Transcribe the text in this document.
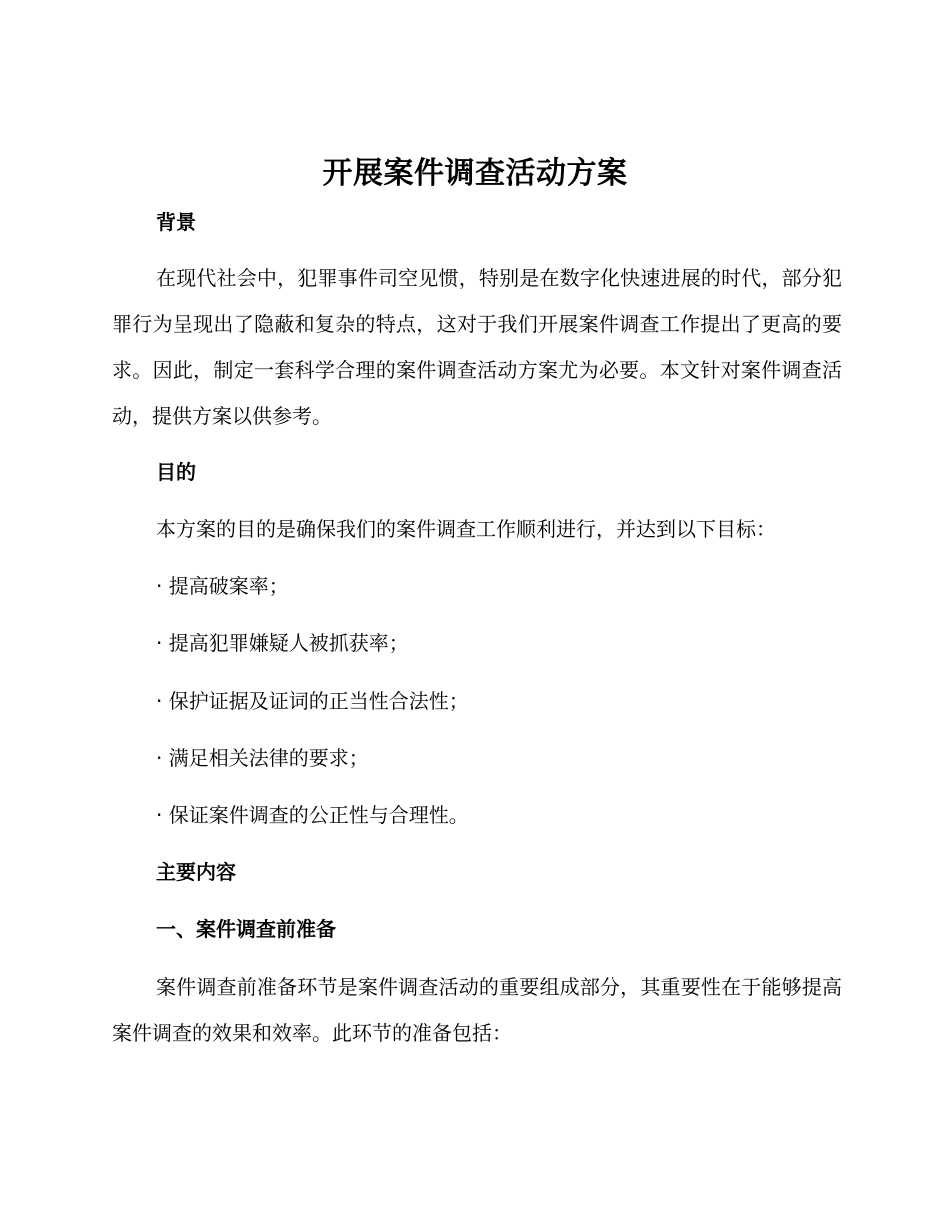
开展案件调查活动方案
背景
在现代社会中，犯罪事件司空见惯，特别是在数字化快速进展的时代，部分犯罪行为呈现出了隐蔽和复杂的特点，这对于我们开展案件调查工作提出了更高的要求。因此，制定一套科学合理的案件调查活动方案尤为必要。本文针对案件调查活动，提供方案以供参考。
目的
本方案的目的是确保我们的案件调查工作顺利进行，并达到以下目标：
· 提高破案率；
· 提高犯罪嫌疑人被抓获率；
· 保护证据及证词的正当性合法性；
· 满足相关法律的要求；
· 保证案件调查的公正性与合理性。
主要内容
一、案件调查前准备
案件调查前准备环节是案件调查活动的重要组成部分，其重要性在于能够提高案件调查的效果和效率。此环节的准备包括：
